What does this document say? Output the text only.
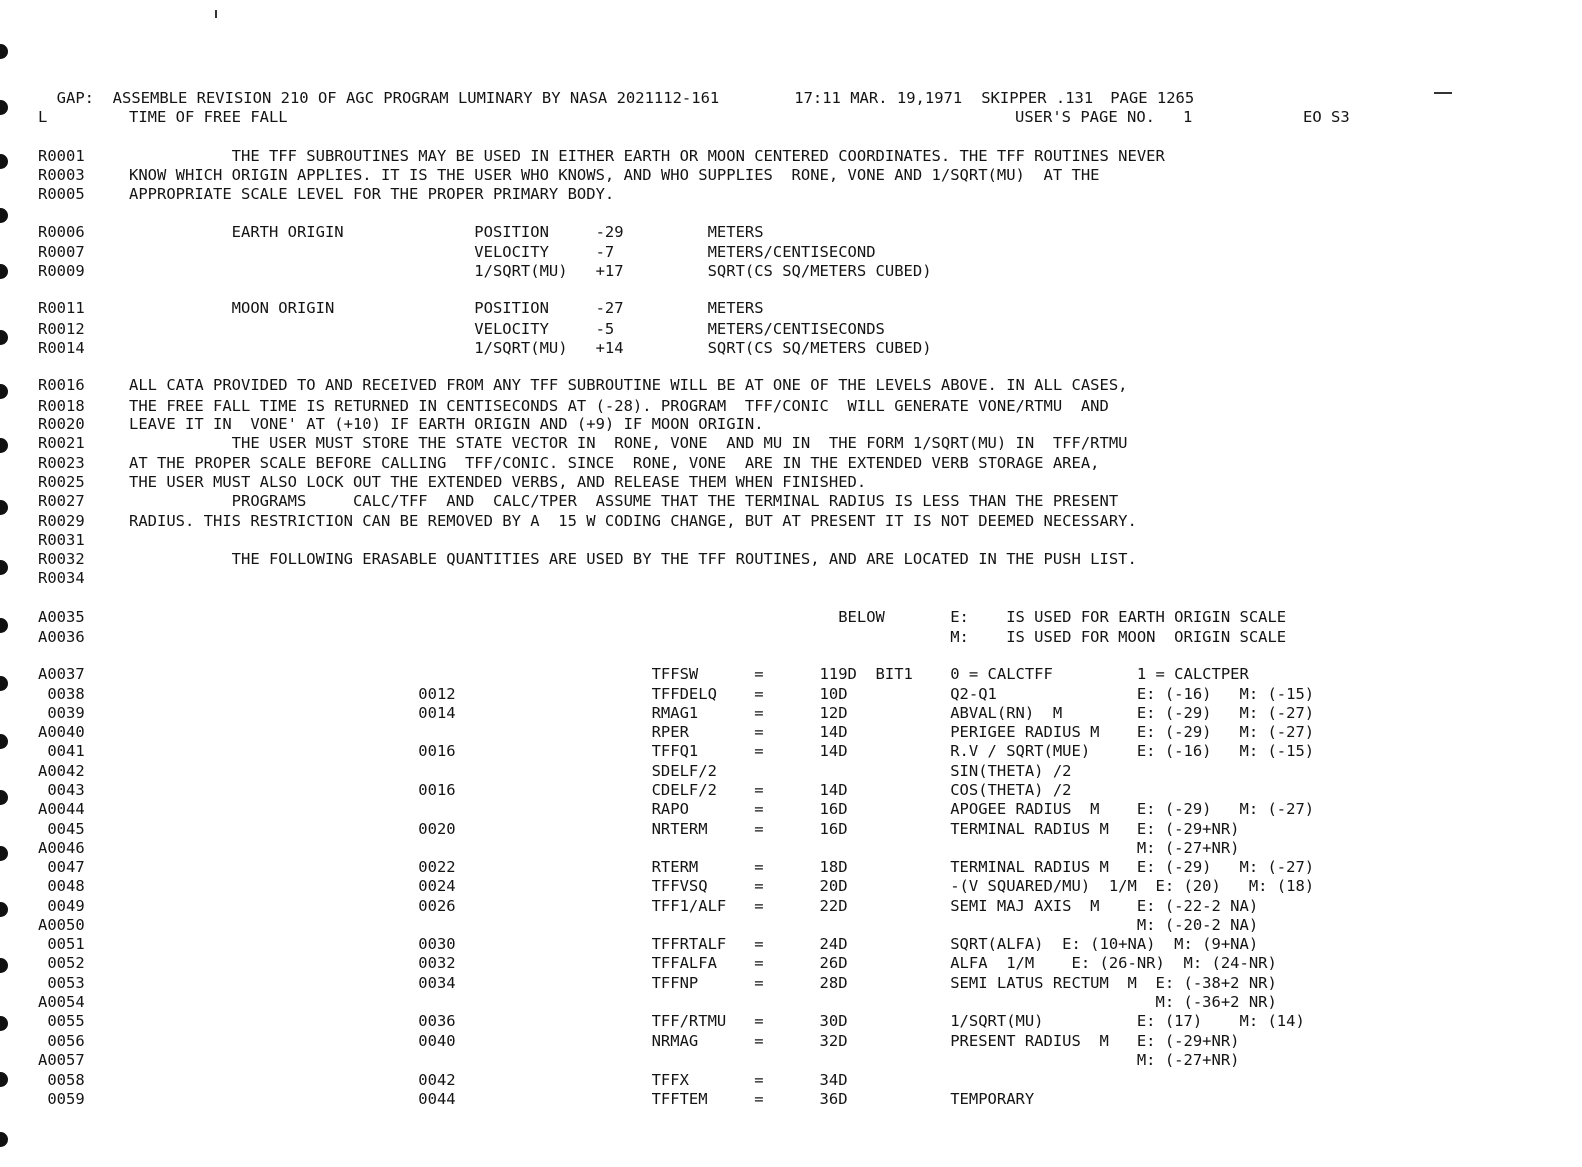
GAP:  ASSEMBLE REVISION 210 OF AGC PROGRAM LUMINARY BY NASA 2021112-161	17:11 MAR. 19,1971 SKIPPER .131 PAGE 1265

L	TIME OF FREE FALL	USER'S PAGE NO.   1	EO S3
R0001	THE TFF SUBROUTINES MAY BE USED IN EITHER EARTH OR MOON CENTERED COORDINATES. THE TFF ROUTINES NEVER
R0003	KNOW WHICH ORIGIN APPLIES. IT IS THE USER WHO KNOWS, AND WHO SUPPLIES  RONE, VONE AND 1/SQRT(MU)  AT THE
R0005	APPROPRIATE SCALE LEVEL FOR THE PROPER PRIMARY BODY.
R0006	EARTH ORIGIN              POSITION     -29         METERS
R0007	VELOCITY     -7          METERS/CENTISECOND
R0009	1/SQRT(MU)   +17         SQRT(CS SQ/METERS CUBED)
R0011	MOON ORIGIN               POSITION     -27         METERS
R0012	VELOCITY     -5          METERS/CENTISECONDS
R0014	1/SQRT(MU)   +14         SQRT(CS SQ/METERS CUBED)
R0016	ALL CATA PROVIDED TO AND RECEIVED FROM ANY TFF SUBROUTINE WILL BE AT ONE OF THE LEVELS ABOVE. IN ALL CASES,
R0018	THE FREE FALL TIME IS RETURNED IN CENTISECONDS AT (-28). PROGRAM  TFF/CONIC  WILL GENERATE VONE/RTMU  AND
R0020	LEAVE IT IN  VONE' AT (+10) IF EARTH ORIGIN AND (+9) IF MOON ORIGIN.
R0021	THE USER MUST STORE THE STATE VECTOR IN  RONE, VONE  AND MU IN  THE FORM 1/SQRT(MU) IN  TFF/RTMU
R0023	AT THE PROPER SCALE BEFORE CALLING  TFF/CONIC. SINCE  RONE, VONE  ARE IN THE EXTENDED VERB STORAGE AREA,
R0025	THE USER MUST ALSO LOCK OUT THE EXTENDED VERBS, AND RELEASE THEM WHEN FINISHED.
R0027	PROGRAMS     CALC/TFF  AND  CALC/TPER  ASSUME THAT THE TERMINAL RADIUS IS LESS THAN THE PRESENT
R0029	RADIUS. THIS RESTRICTION CAN BE REMOVED BY A  15 W CODING CHANGE, BUT AT PRESENT IT IS NOT DEEMED NECESSARY.
R0031
R0032	THE FOLLOWING ERASABLE QUANTITIES ARE USED BY THE TFF ROUTINES, AND ARE LOCATED IN THE PUSH LIST.
R0034
A0035	BELOW       E:    IS USED FOR EARTH ORIGIN SCALE
A0036	M:    IS USED FOR MOON  ORIGIN SCALE
A0037	TFFSW      =      119D  BIT1    0 = CALCTFF         1 = CALCTPER
0038	0012                     TFFDELQ    =      10D           Q2-Q1               E: (-16)   M: (-15)
0039	0014                     RMAG1      =      12D           ABVAL(RN)  M        E: (-29)   M: (-27)
A0040	RPER       =      14D           PERIGEE RADIUS M    E: (-29)   M: (-27)
0041	0016                     TFFQ1      =      14D           R.V / SQRT(MUE)     E: (-16)   M: (-15)
A0042	SDELF/2                         SIN(THETA) /2
0043	0016                     CDELF/2    =      14D           COS(THETA) /2
A0044	RAPO       =      16D           APOGEE RADIUS  M    E: (-29)   M: (-27)
0045	0020                     NRTERM     =      16D           TERMINAL RADIUS M   E: (-29+NR)
A0046	M: (-27+NR)
0047	0022                     RTERM      =      18D           TERMINAL RADIUS M   E: (-29)   M: (-27)
0048	0024                     TFFVSQ     =      20D           -(V SQUARED/MU)  1/M  E: (20)   M: (18)
0049	0026                     TFF1/ALF   =      22D           SEMI MAJ AXIS  M    E: (-22-2 NA)
A0050	M: (-20-2 NA)
0051	0030                     TFFRTALF   =      24D           SQRT(ALFA)  E: (10+NA)  M: (9+NA)
0052	0032                     TFFALFA    =      26D           ALFA  1/M    E: (26-NR)  M: (24-NR)
0053	0034                     TFFNP      =      28D           SEMI LATUS RECTUM  M  E: (-38+2 NR)
A0054	M: (-36+2 NR)
0055	0036                     TFF/RTMU   =      30D           1/SQRT(MU)          E: (17)    M: (14)
0056	0040                     NRMAG      =      32D           PRESENT RADIUS  M   E: (-29+NR)
A0057	M: (-27+NR)
0058	0042                     TFFX       =      34D
0059	0044                     TFFTEM     =      36D           TEMPORARY
